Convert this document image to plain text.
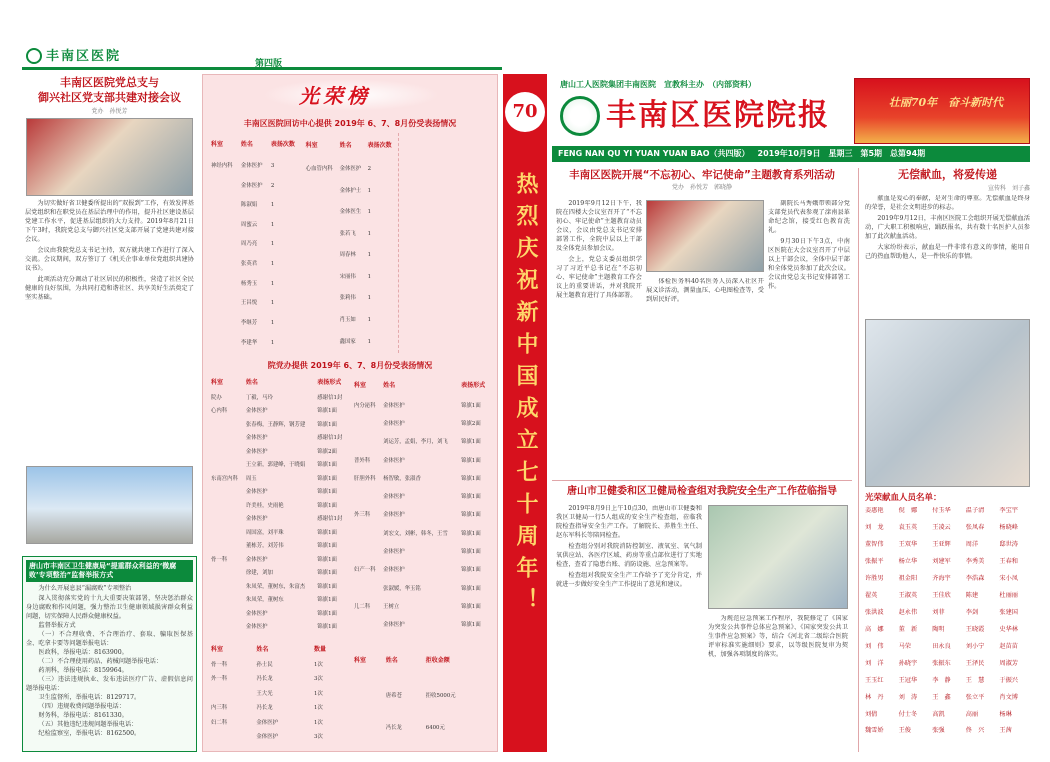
丰南区医院	第四版
丰南区医院党总支与
御兴社区党支部共建对接会议
党办　孙悦芳

为切实做好省卫健委所提出的“双报到”工作，有效发挥基层党组织和在职党员在基层治理中的作用，提升社区建设基层党建工作水平，促进基层组织的大力支持。2019年8月21日下午3时，我院党总支与御兴社区党支部开展了党建共建对接会议。

会议由我院党总支书记主持，双方就共建工作进行了深入交流。会议期间，双方签订了《机关企事业单位党组织共建协议书》。

此项活动充分调动了社区居民的积极性，营造了社区全民健康的良好氛围，为共同打造和谐社区、共享美好生活奠定了坚实基础。

唐山市丰南区卫生健康局“提重群众利益的‘微腐败’专项整治”监督举报方式
为什么开展息县“漏腐败”专项整治

深入贯彻落实党的十九大重要决策部署，坚决惩治群众身边腐败和作风问题，强力整治卫生健康领域损害群众利益问题，切实保障人民群众健康权益。

监督举报方式

（一）不合理收费、不合理治疗、套取、骗取医保基金、吃拿卡要等问题举报电话：

医政科，举报电话：8163900。

（二）不合理使用药品、药械问题举报电话：

药剂科，举报电话：8159964。

（三）违法违规执业、发布违法医疗广告、虚假信息问题举报电话：

卫生监督所，举报电话：8129717。

（四）违规收费问题举报电话：

财务科，举报电话：8161330。

（五）其他违纪违规问题举报电话：

纪检监察室，举报电话：8162500。

光荣榜
丰南区医院回访中心提供 2019年 6、7、8月份受表扬情况
科室	姓名	表扬次数
神经内科	金体医护	3
	金体医护	2
	陈淑娟	1
	周蜜云	1
	周乃亮	1
	张英君	1
	杨秀玉	1
	王昌悦	1
	李继芳	1
	李建华	1
科室	姓名	表扬次数
心血管内科	金体医护	2
	金体护士	1
	金体医生	1
	张若飞	1
	周春林	1
	宋丽伟	1
	张莉伟	1
	肖玉如	1
	鑫国家	1
院党办提供 2019年 6、7、8月份受表扬情况
科室	姓名	表扬形式
院办	丁毅，马玲	感谢信1封
心内科	金体医护	锦旗1面
	张春梅，王静辉，钢芳建	锦旗1面
	金体医护	感谢信1封
	金体医护	锦旗2面
	王立新，郭建峰，于晓娟	锦旗1面
东南宫内科	周玉	锦旗1面
	金体医护	锦旗1面
	许美桂，史雨艳	锦旗1面
	金体医护	感谢信1封
	周国富，刘平珠	锦旗1面
	董栋芳，刘芳伟	锦旗1面
骨一科	金体医护	锦旗1面
	徐建，刘加	锦旗1面
	朱凤荣，董树东，朱富杰	锦旗1面
	朱凤荣，董树东	锦旗1面
	金体医护	锦旗1面
	金体医护	锦旗1面
科室	姓名	表扬形式
内分泌科	金体医护	锦旗1面
	金体医护	锦旗2面
	刘运芳，孟娟，李月，刘飞	锦旗1面
普外科	金体医护	锦旗1面
肝胆外科	杨智敏，张淑香	锦旗1面
	金体医护	锦旗1面
外三科	金体医护	锦旗1面
	刘宏文，刘彬，韩冬，王雪	锦旗1面
	金体医护	锦旗1面
妇产一科	金体医护	锦旗1面
	张淑媛，华玉铭	锦旗1面
儿二科	王树立	锦旗1面
	金体医护	锦旗1面
科室	姓名	数量
骨一科	孙士民	1次
外一科	冯长龙	3次
	王大光	1次
内三科	冯长龙	1次
妇二科	金体医护	1次
	金体医护	3次
科室	姓名	拒收金额
	唐希苍	拒收5000元
	冯长龙	6400元
70
热烈庆祝新中国成立七十周年！
唐山工人医院集团丰南医院　宣教科主办　（内部资料）
丰南区医院院报	壮丽70年　奋斗新时代
FENG NAN QU YI YUAN YUAN BAO（共四版） 2019年10月9日 星期三 第5期 总第94期
丰南区医院开展“不忘初心、牢记使命”主题教育系列活动
党办　孙悦芳　郭晓静

2019年9月12日下午，我院在四楼大会议室召开了“不忘初心、牢记使命”主题教育动员会议，会议由党总支书记安排部署工作，全院中层以上干部及全体党员参加会议。

会上，党总支委员组织学习了习近平总书记在“不忘初心、牢记使命”主题教育工作会议上的重要讲话，并对我院开展主题教育进行了具体部署。

体检医务科40名医务人员深入社区开展义诊活动，测量血压、心电图检查等，受到居民好评。

副院长马秀娥带领部分党支部党员代表参观了滦南县革命纪念馆，接受红色教育洗礼。

9月30日下午3点，中南区医院在大会议室召开了中层以上干部会议，全体中层干部和全体党员参加了此次会议。会议由党总支书记安排部署工作。

无偿献血，将爱传递
宣传科　刘子鑫

献血是爱心的奉献，是对生命的尊重。无偿献血是终身的荣誉，是社会文明进步的标志。

2019年9月12日，丰南区医院工会组织开展无偿献血活动，广大职工积极响应，踊跃报名，共有数十名医护人员参加了此次献血活动。

大家纷纷表示，献血是一件非常有意义的事情，能用自己的热血帮助他人，是一件快乐的事情。

光荣献血人员名单：
姜惠艳	倪　娜	付玉华	温子清	李宝宇
刘　龙	袁玉英	王凌云	张凤春	杨晓峰
董智伟	王双华	王亚辉	周洋	邸世涛
张振平	杨立华	刘建军	李秀美	王春和
许胜男	祖金阳	齐海宇	李浩森	宋小凤
翟英	王淑英	王佳欣	陈建	杜丽丽
张洪波	赵永伟	刘菲	李剑	张建国
高　娜	董　新	陶明	王晓霞	史华林
刘　伟	马荣	田永良	刘小宁	赵苗苗
刘　洋	孙晓宇	张振东	王泽民	周淑芳
王玉红	王冠华	李　静	王　慧	于振兴
林　丹	刘　涛	王　鑫	张立平	肖文博
刘倩	付士冬	高凯	高丽	杨琳
魏雪娇	王俊	张强	佟　兴	王茜
唐山市卫健委和区卫健局检查组对我院安全生产工作莅临指导

2019年8月9日上午10点30，由唐山市卫健委和我区卫健局一行5人组成的安全生产检查组，莅临我院检查指导安全生产工作。了解院长、养胜生主任、赵东军科长等陪同检查。

检查组分别对我院消防控制室、液氧室、氧气制氧供应站、各医疗区域、药房等重点部位进行了实地检查，查看了隐患台账、消防设施、应急预案等。

检查组对我院安全生产工作给予了充分肯定，并就进一步做好安全生产工作提出了意见和建议。

为规范应急预案工作程序，我院修定了《国家为突发公共事件总体应急预案》、《国家突发公共卫生事件应急预案》等，结合《河北省二级综合医院评审标准实施细则》要求，以等级医院复审为契机，加强各项制度的落实。
